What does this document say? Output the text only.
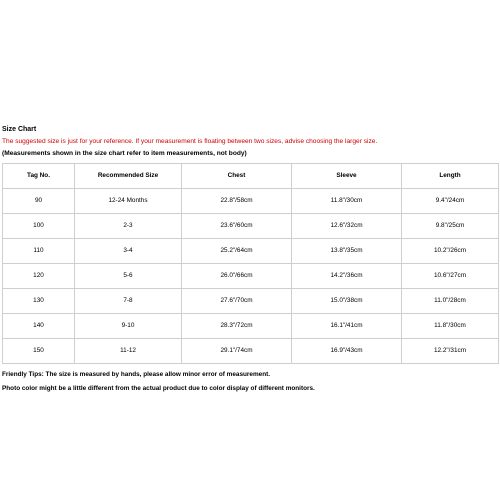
Size Chart
The suggested size is just for your reference. If your measurement is floating between two sizes, advise choosing the larger size.
(Measurements shown in the size chart refer to item measurements, not body)
Tag No.	Recommended Size	Chest	Sleeve	Length
90	12-24 Months	22.8"/58cm	11.8"/30cm	9.4"/24cm
100	2-3	23.6"/60cm	12.6"/32cm	9.8"/25cm
110	3-4	25.2"/64cm	13.8"/35cm	10.2"/26cm
120	5-6	26.0"/66cm	14.2"/36cm	10.6"/27cm
130	7-8	27.6"/70cm	15.0"/38cm	11.0"/28cm
140	9-10	28.3"/72cm	16.1"/41cm	11.8"/30cm
150	11-12	29.1"/74cm	16.9"/43cm	12.2"/31cm
Friendly Tips: The size is measured by hands, please allow minor error of measurement.
Photo color might be a little different from the actual product due to color display of different monitors.
